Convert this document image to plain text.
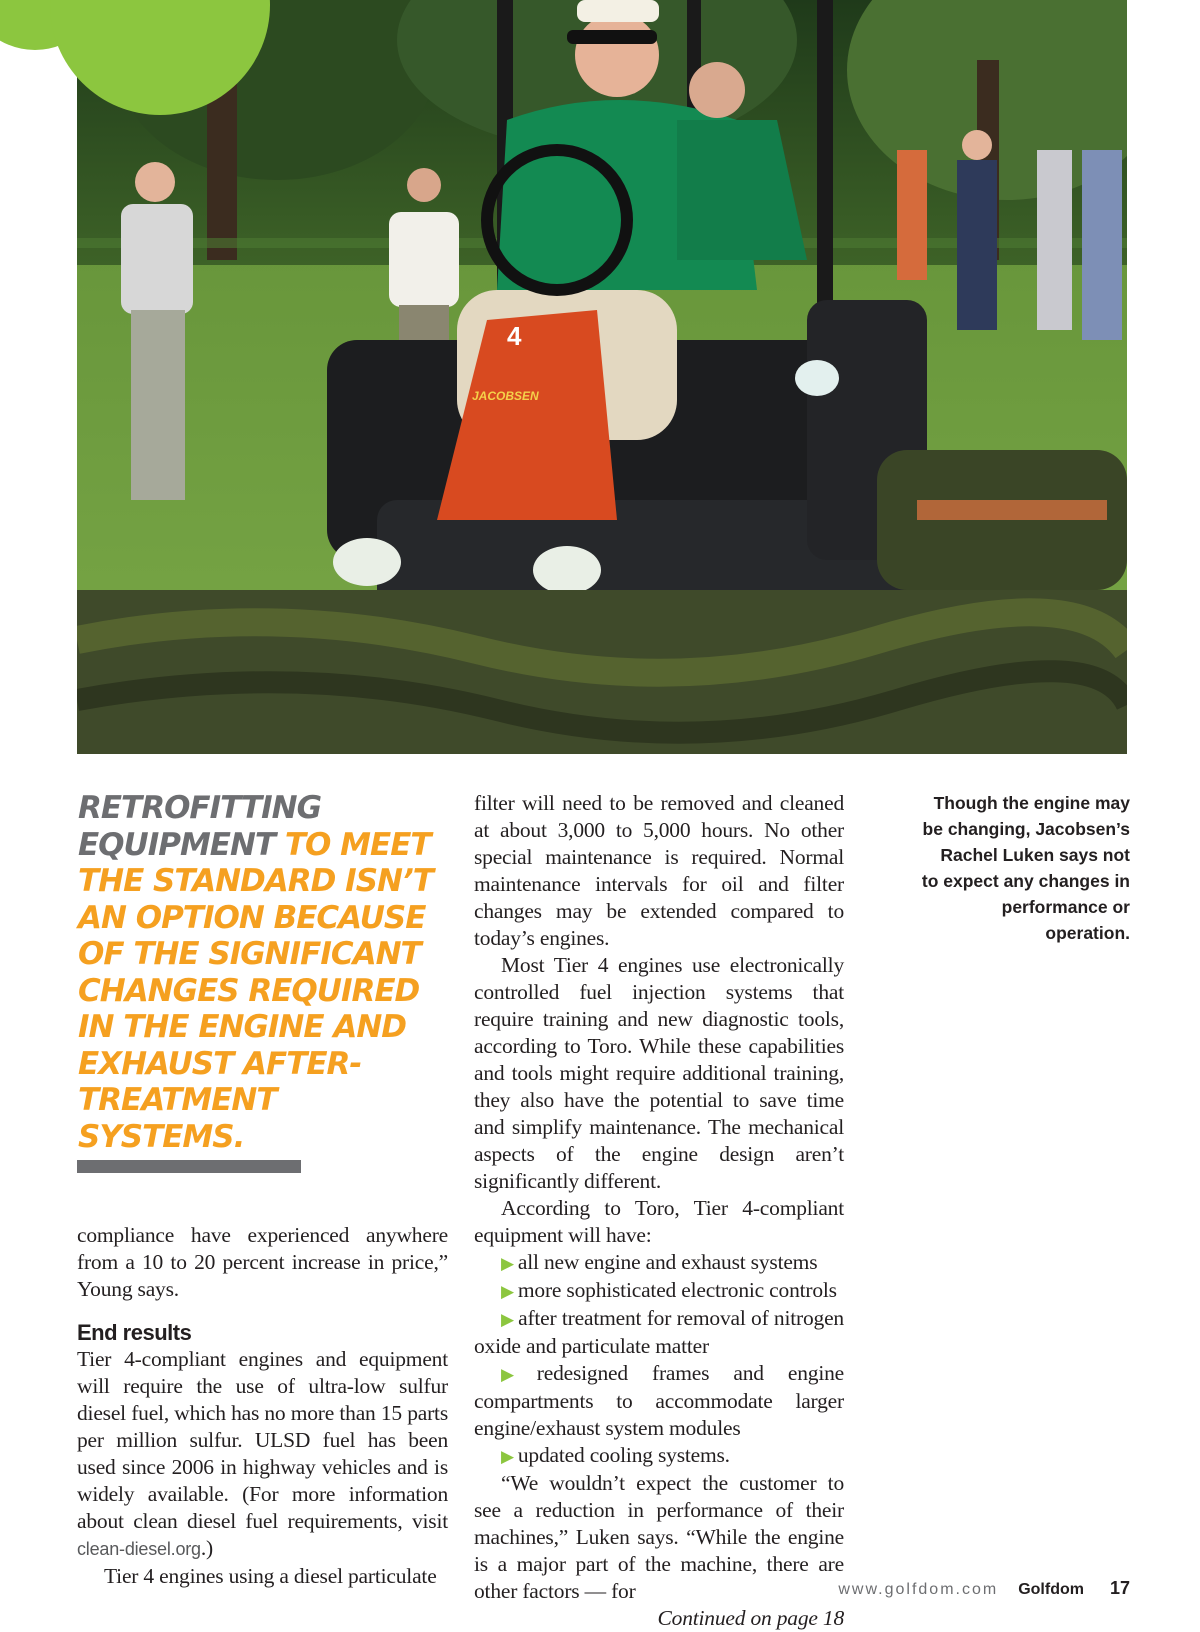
4
JACOBSEN

RETROFITTING EQUIPMENT TO MEET THE STANDARD ISN’T AN OPTION BECAUSE OF THE SIGNIFICANT CHANGES REQUIRED IN THE ENGINE AND EXHAUST AFTER-TREATMENT SYSTEMS.

compliance have experienced anywhere from a 10 to 20 percent increase in price,” Young says.

End results

Tier 4-compliant engines and equipment will require the use of ultra-low sulfur diesel fuel, which has no more than 15 parts per million sulfur. ULSD fuel has been used since 2006 in highway vehicles and is widely available. (For more information about clean diesel fuel requirements, visit clean-diesel.org.)

Tier 4 engines using a diesel particulate

filter will need to be removed and cleaned at about 3,000 to 5,000 hours. No other special maintenance is required. Normal maintenance intervals for oil and filter changes may be extended compared to today’s engines.

Most Tier 4 engines use electronically controlled fuel injection systems that require training and new diagnostic tools, according to Toro. While these capabilities and tools might require additional training, they also have the potential to save time and simplify maintenance. The mechanical aspects of the engine design aren’t significantly different.

According to Toro, Tier 4-compliant equipment will have:

▶ all new engine and exhaust systems

▶ more sophisticated electronic controls

▶ after treatment for removal of nitrogen oxide and particulate matter

▶ redesigned frames and engine compartments to accommodate larger engine/exhaust system modules

▶ updated cooling systems.

“We wouldn’t expect the customer to see a reduction in performance of their machines,” Luken says. “While the engine is a major part of the machine, there are other factors — for

Continued on page 18

Though the engine may be changing, Jacobsen’s Rachel Luken says not to expect any changes in performance or operation.

www.golfdom.com Golfdom 17
